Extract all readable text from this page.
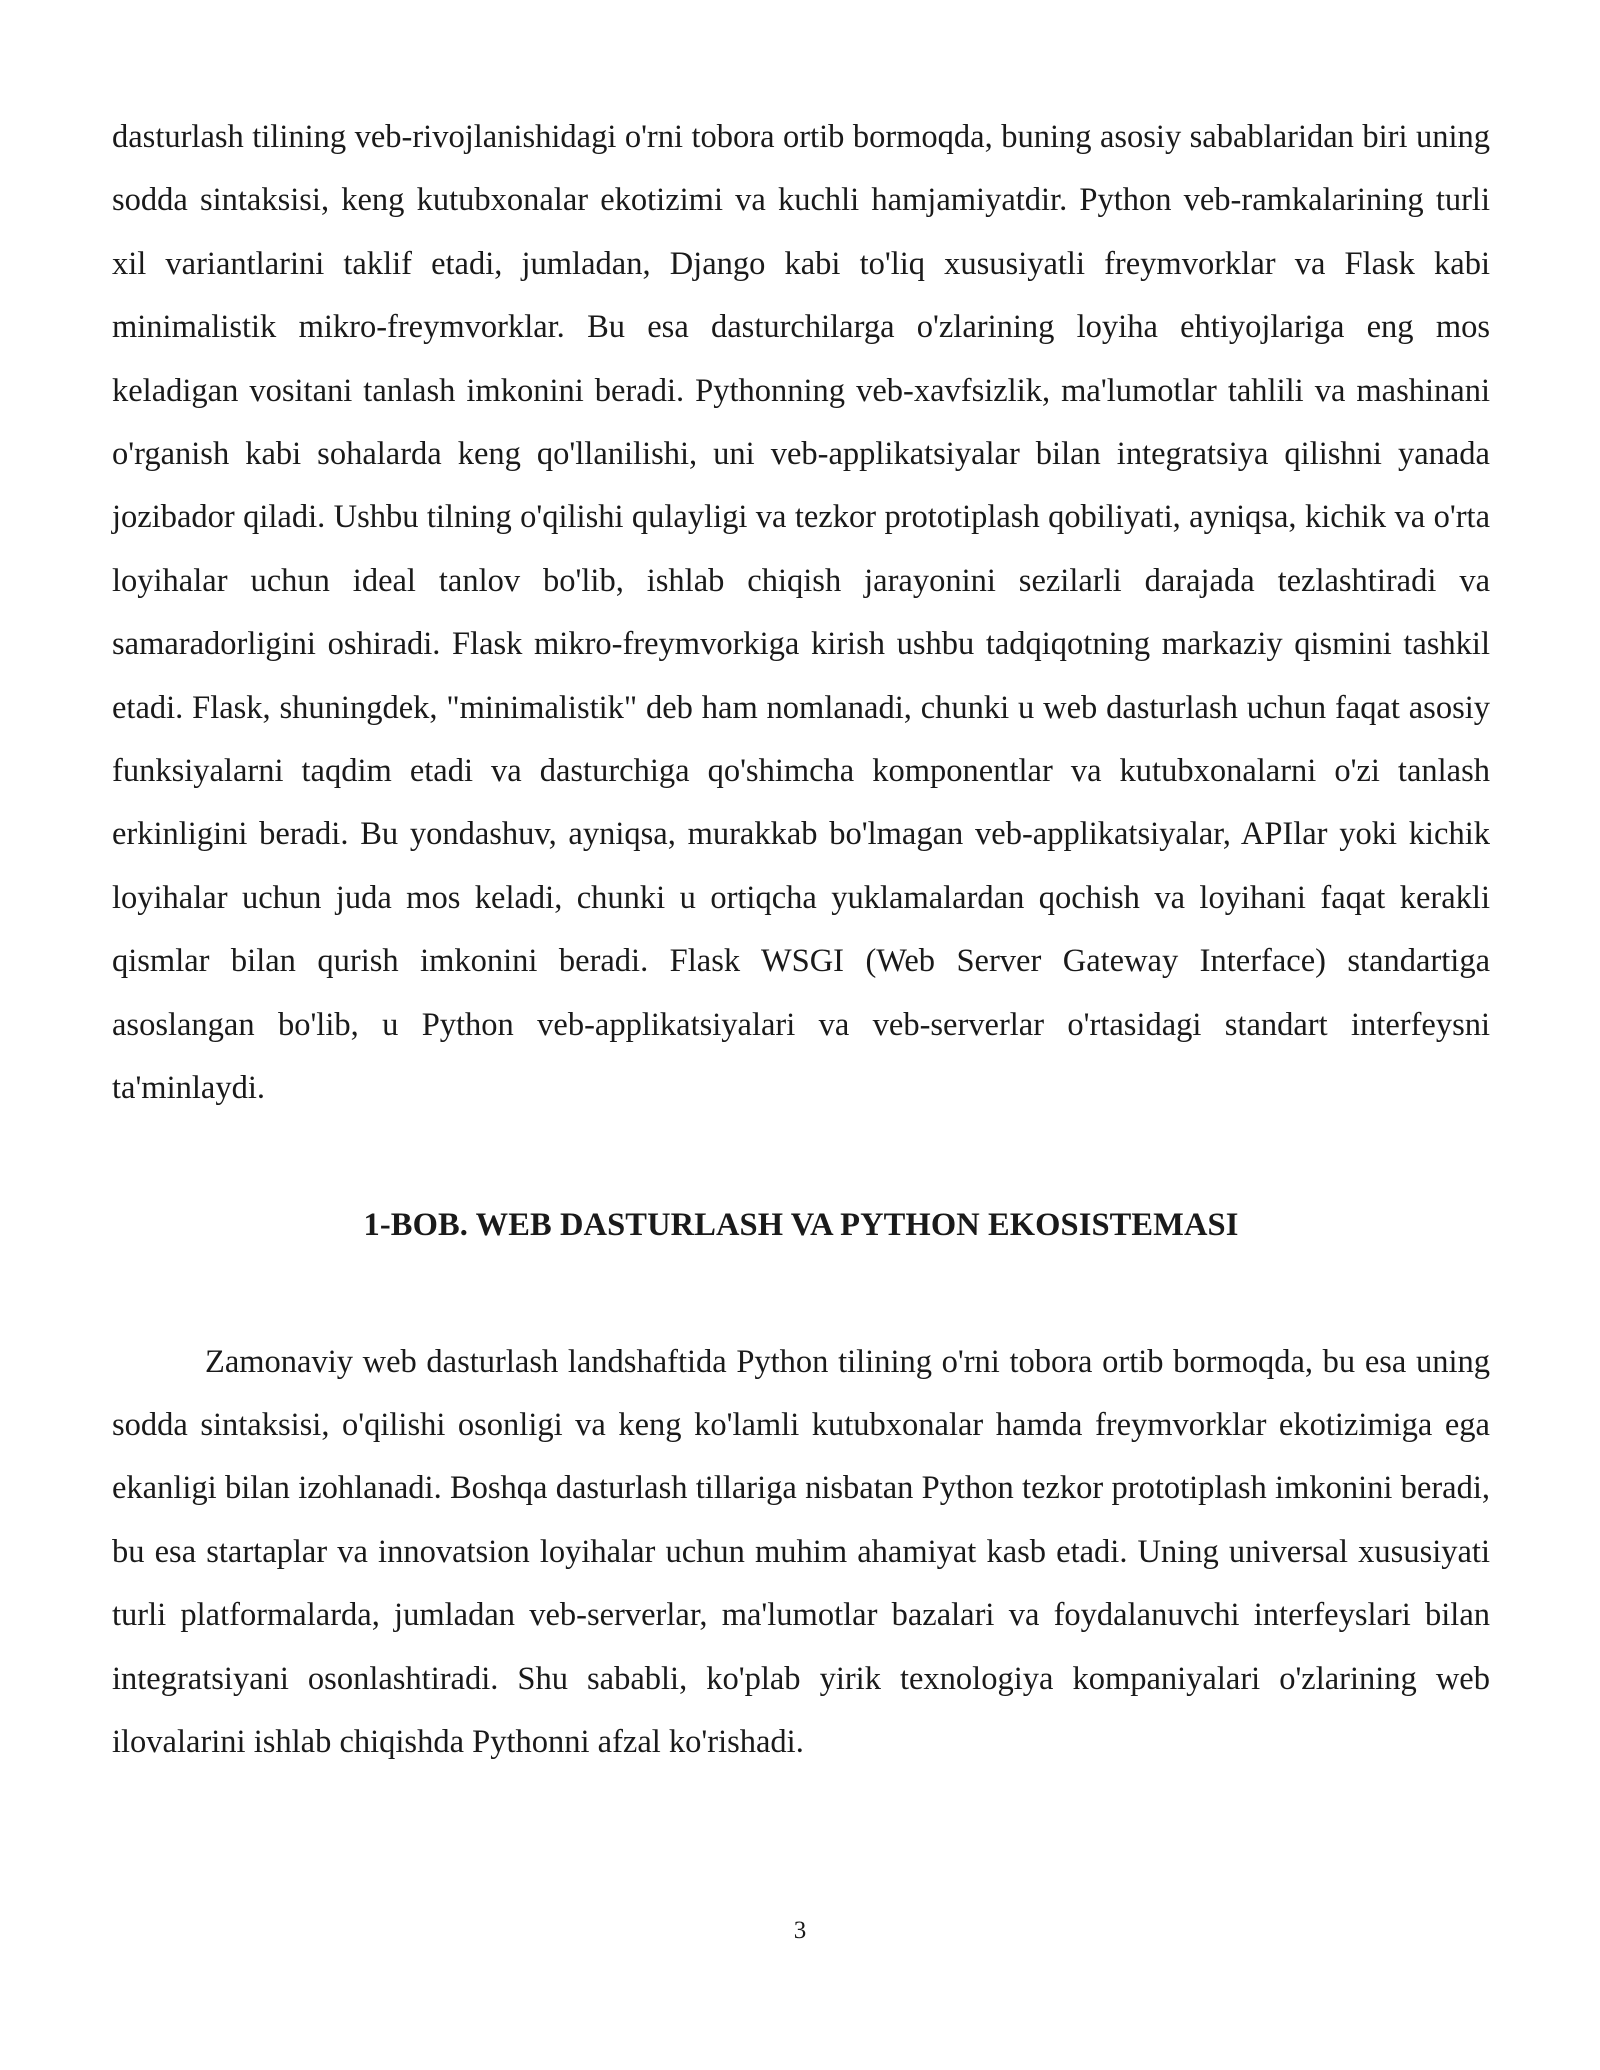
dasturlash tilining veb-rivojlanishidagi o'rni tobora ortib bormoqda, buning asosiy sabablaridan biri uning sodda sintaksisi, keng kutubxonalar ekotizimi va kuchli hamjamiyatdir. Python veb-ramkalarining turli xil variantlarini taklif etadi, jumladan, Django kabi to'liq xususiyatli freymvorklar va Flask kabi minimalistik mikro-freymvorklar. Bu esa dasturchilarga o'zlarining loyiha ehtiyojlariga eng mos keladigan vositani tanlash imkonini beradi. Pythonning veb-xavfsizlik, ma'lumotlar tahlili va mashinani o'rganish kabi sohalarda keng qo'llanilishi, uni veb-applikatsiyalar bilan integratsiya qilishni yanada jozibador qiladi. Ushbu tilning o'qilishi qulayligi va tezkor prototiplash qobiliyati, ayniqsa, kichik va o'rta loyihalar uchun ideal tanlov bo'lib, ishlab chiqish jarayonini sezilarli darajada tezlashtiradi va samaradorligini oshiradi. Flask mikro-freymvorkiga kirish ushbu tadqiqotning markaziy qismini tashkil etadi. Flask, shuningdek, "minimalistik" deb ham nomlanadi, chunki u web dasturlash uchun faqat asosiy funksiyalarni taqdim etadi va dasturchiga qo'shimcha komponentlar va kutubxonalarni o'zi tanlash erkinligini beradi. Bu yondashuv, ayniqsa, murakkab bo'lmagan veb-applikatsiyalar, APIlar yoki kichik loyihalar uchun juda mos keladi, chunki u ortiqcha yuklamalardan qochish va loyihani faqat kerakli qismlar bilan qurish imkonini beradi. Flask WSGI (Web Server Gateway Interface) standartiga asoslangan bo'lib, u Python veb-applikatsiyalari va veb-serverlar o'rtasidagi standart interfeysni ta'minlaydi.

1-BOB. WEB DASTURLASH VA PYTHON EKOSISTEMASI

Zamonaviy web dasturlash landshaftida Python tilining o'rni tobora ortib bormoqda, bu esa uning sodda sintaksisi, o'qilishi osonligi va keng ko'lamli kutubxonalar hamda freymvorklar ekotizimiga ega ekanligi bilan izohlanadi. Boshqa dasturlash tillariga nisbatan Python tezkor prototiplash imkonini beradi, bu esa startaplar va innovatsion loyihalar uchun muhim ahamiyat kasb etadi. Uning universal xususiyati turli platformalarda, jumladan veb-serverlar, ma'lumotlar bazalari va foydalanuvchi interfeyslari bilan integratsiyani osonlashtiradi. Shu sababli, ko'plab yirik texnologiya kompaniyalari o'zlarining web ilovalarini ishlab chiqishda Pythonni afzal ko'rishadi.

3
